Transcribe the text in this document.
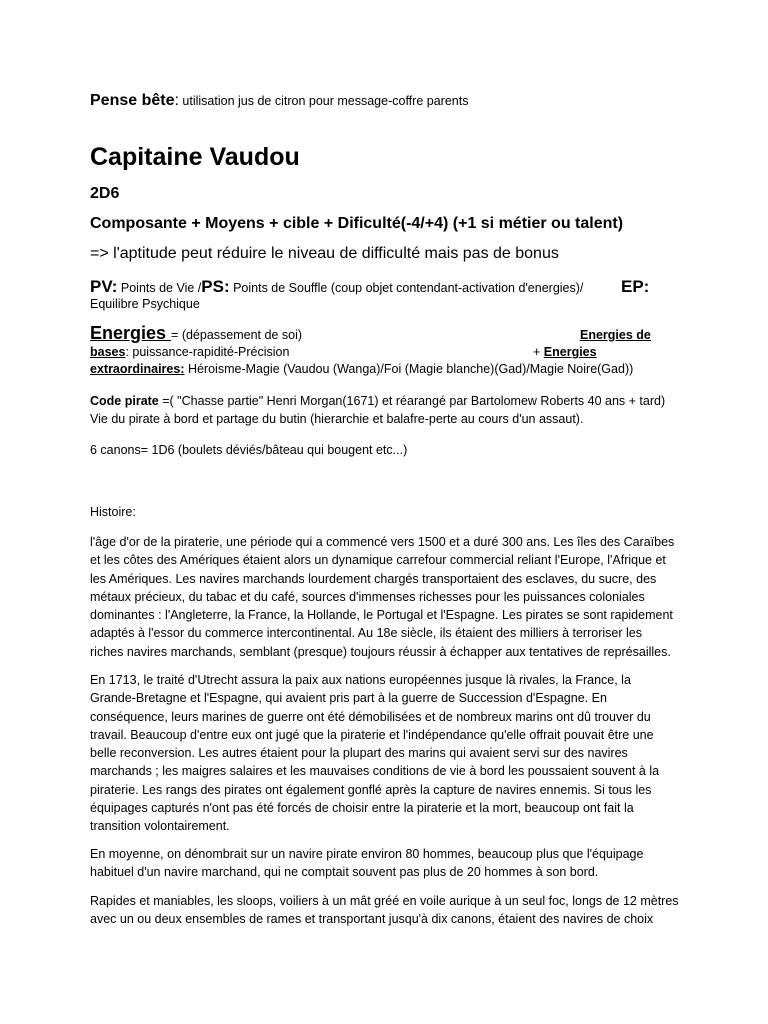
Pense bête: utilisation jus de citron pour message-coffre parents
Capitaine Vaudou
2D6
Composante + Moyens + cible + Dificulté(-4/+4) (+1 si métier ou talent)
=> l'aptitude peut réduire le niveau de difficulté mais pas de bonus
PV: Points de Vie /PS: Points de Souffle (coup objet contendant-activation d'energies)/ EP:
Equilibre Psychique
Energies = (dépassement de soi)	Energies de
bases: puissance-rapidité-Précision	+ Energies
extraordinaires: Héroisme-Magie (Vaudou (Wanga)/Foi (Magie blanche)(Gad)/Magie Noire(Gad))
Code pirate =( "Chasse partie" Henri Morgan(1671) et réarangé par Bartolomew Roberts 40 ans + tard)
Vie du pirate à bord et partage du butin (hierarchie et balafre-perte au cours d'un assaut).
6 canons= 1D6 (boulets déviés/bâteau qui bougent etc...)
Histoire:
l'âge d'or de la piraterie, une période qui a commencé vers 1500 et a duré 300 ans. Les îles des Caraïbes
et les côtes des Amériques étaient alors un dynamique carrefour commercial reliant l'Europe, l'Afrique et
les Amériques. Les navires marchands lourdement chargés transportaient des esclaves, du sucre, des
métaux précieux, du tabac et du café, sources d'immenses richesses pour les puissances coloniales
dominantes : l'Angleterre, la France, la Hollande, le Portugal et l'Espagne. Les pirates se sont rapidement
adaptés à l'essor du commerce intercontinental. Au 18e siècle, ils étaient des milliers à terroriser les
riches navires marchands, semblant (presque) toujours réussir à échapper aux tentatives de représailles.
En 1713, le traité d'Utrecht assura la paix aux nations européennes jusque là rivales, la France, la
Grande-Bretagne et l'Espagne, qui avaient pris part à la guerre de Succession d'Espagne. En
conséquence, leurs marines de guerre ont été démobilisées et de nombreux marins ont dû trouver du
travail. Beaucoup d'entre eux ont jugé que la piraterie et l'indépendance qu'elle offrait pouvait être une
belle reconversion. Les autres étaient pour la plupart des marins qui avaient servi sur des navires
marchands ; les maigres salaires et les mauvaises conditions de vie à bord les poussaient souvent à la
piraterie. Les rangs des pirates ont également gonflé après la capture de navires ennemis. Si tous les
équipages capturés n'ont pas été forcés de choisir entre la piraterie et la mort, beaucoup ont fait la
transition volontairement.
En moyenne, on dénombrait sur un navire pirate environ 80 hommes, beaucoup plus que l'équipage
habituel d'un navire marchand, qui ne comptait souvent pas plus de 20 hommes à son bord.
Rapides et maniables, les sloops, voiliers à un mât gréé en voile aurique à un seul foc, longs de 12 mètres
avec un ou deux ensembles de rames et transportant jusqu'à dix canons, étaient des navires de choix
